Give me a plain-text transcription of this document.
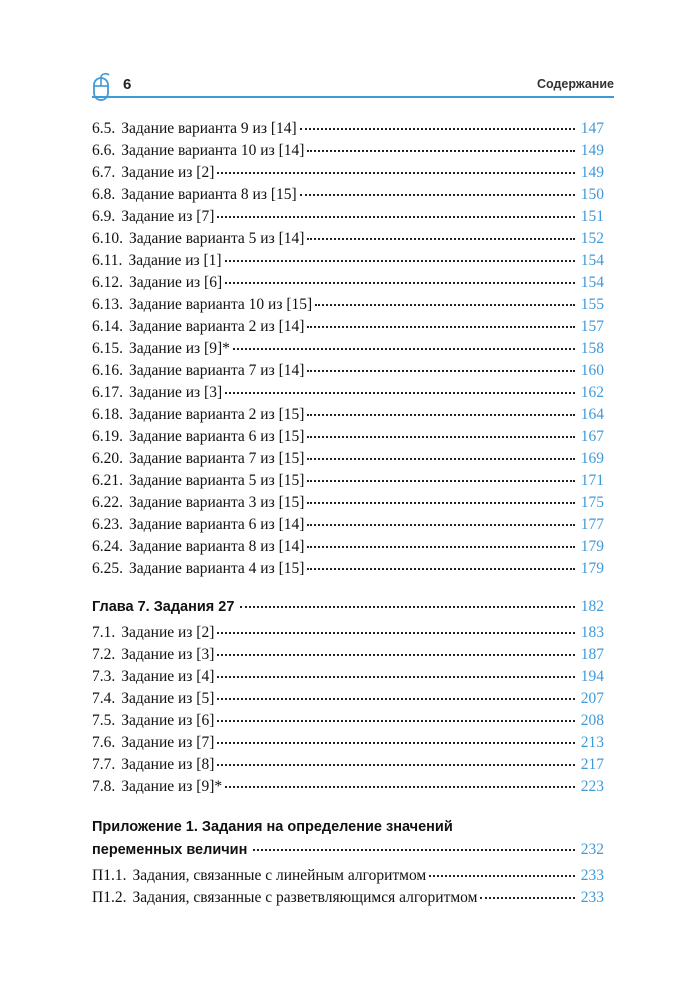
6	Содержание
6.5. Задание варианта 9 из [14]	147
6.6. Задание варианта 10 из [14]	149
6.7. Задание из [2]	149
6.8. Задание варианта 8 из [15]	150
6.9. Задание из [7]	151
6.10. Задание варианта 5 из [14]	152
6.11. Задание из [1]	154
6.12. Задание из [6]	154
6.13. Задание варианта 10 из [15]	155
6.14. Задание варианта 2 из [14]	157
6.15. Задание из [9]*	158
6.16. Задание варианта 7 из [14]	160
6.17. Задание из [3]	162
6.18. Задание варианта 2 из [15]	164
6.19. Задание варианта 6 из [15]	167
6.20. Задание варианта 7 из [15]	169
6.21. Задание варианта 5 из [15]	171
6.22. Задание варианта 3 из [15]	175
6.23. Задание варианта 6 из [14]	177
6.24. Задание варианта 8 из [14]	179
6.25. Задание варианта 4 из [15]	179
Глава 7. Задания 27	182
7.1. Задание из [2]	183
7.2. Задание из [3]	187
7.3. Задание из [4]	194
7.4. Задание из [5]	207
7.5. Задание из [6]	208
7.6. Задание из [7]	213
7.7. Задание из [8]	217
7.8. Задание из [9]*	223
Приложение 1. Задания на определение значений
переменных величин	232
П1.1. Задания, связанные с линейным алгоритмом	233
П1.2. Задания, связанные с разветвляющимся алгоритмом	233
